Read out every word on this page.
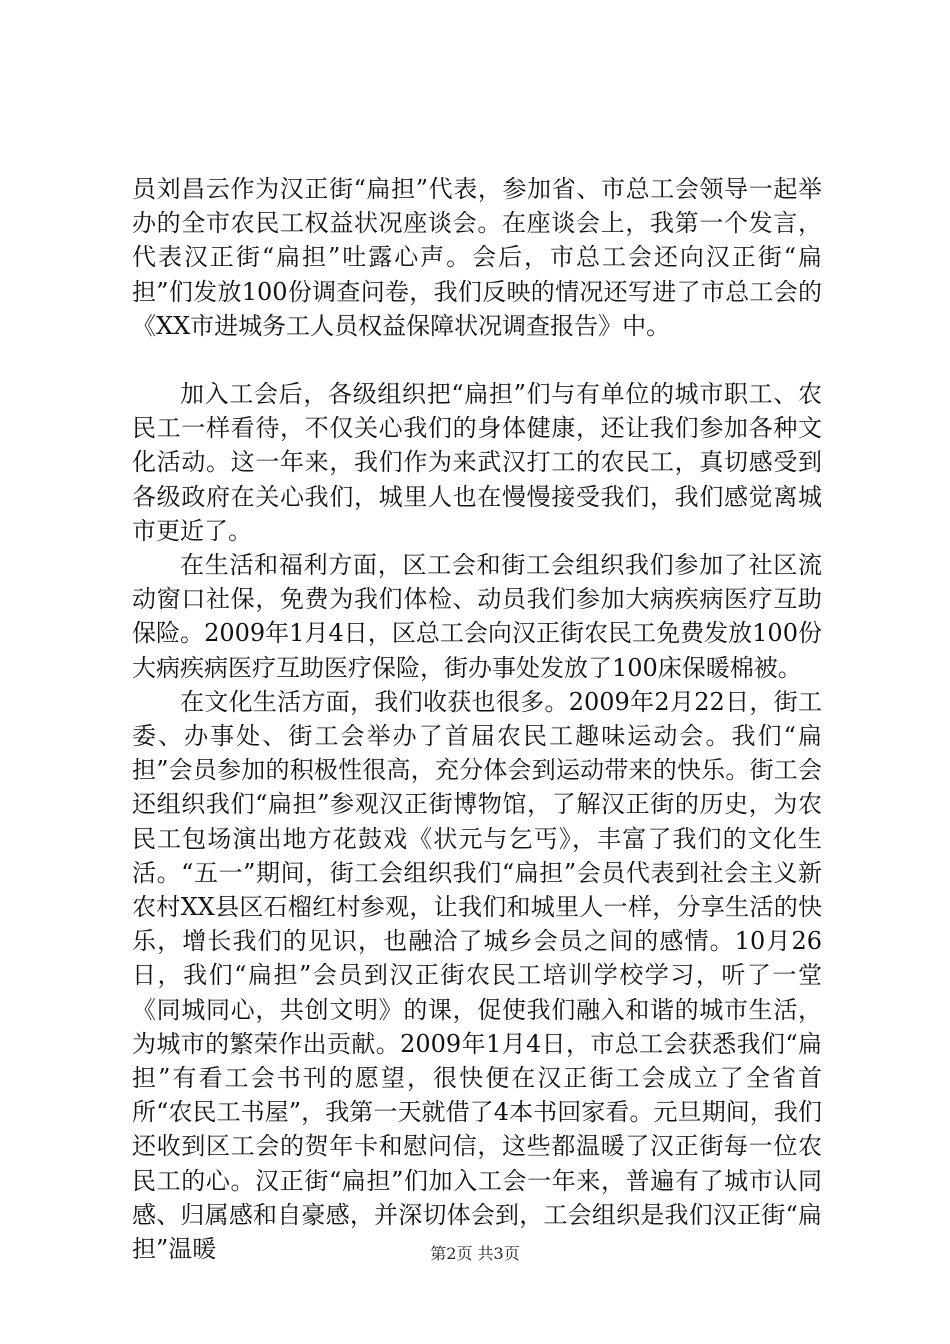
员刘昌云作为汉正街“扁担”代表，参加省、市总工会领导一起举办的全市农民工权益状况座谈会。在座谈会上，我第一个发言，代表汉正街“扁担”吐露心声。会后，市总工会还向汉正街“扁担”们发放100份调查问卷，我们反映的情况还写进了市总工会的《XX市进城务工人员权益保障状况调查报告》中。

加入工会后，各级组织把“扁担”们与有单位的城市职工、农民工一样看待，不仅关心我们的身体健康，还让我们参加各种文化活动。这一年来，我们作为来武汉打工的农民工，真切感受到各级政府在关心我们，城里人也在慢慢接受我们，我们感觉离城市更近了。

在生活和福利方面，区工会和街工会组织我们参加了社区流动窗口社保，免费为我们体检、动员我们参加大病疾病医疗互助保险。2009年1月4日，区总工会向汉正街农民工免费发放100份大病疾病医疗互助医疗保险，街办事处发放了100床保暖棉被。

在文化生活方面，我们收获也很多。2009年2月22日，街工委、办事处、街工会举办了首届农民工趣味运动会。我们“扁担”会员参加的积极性很高，充分体会到运动带来的快乐。街工会还组织我们“扁担”参观汉正街博物馆，了解汉正街的历史，为农民工包场演出地方花鼓戏《状元与乞丐》，丰富了我们的文化生活。“五一”期间，街工会组织我们“扁担”会员代表到社会主义新农村XX县区石榴红村参观，让我们和城里人一样，分享生活的快乐，增长我们的见识，也融洽了城乡会员之间的感情。10月26日，我们“扁担”会员到汉正街农民工培训学校学习，听了一堂《同城同心，共创文明》的课，促使我们融入和谐的城市生活，为城市的繁荣作出贡献。2009年1月4日，市总工会获悉我们“扁担”有看工会书刊的愿望，很快便在汉正街工会成立了全省首所“农民工书屋”，我第一天就借了4本书回家看。元旦期间，我们还收到区工会的贺年卡和慰问信，这些都温暖了汉正街每一位农民工的心。汉正街“扁担”们加入工会一年来，普遍有了城市认同感、归属感和自豪感，并深切体会到，工会组织是我们汉正街“扁担”温暖	第2页 共3页
